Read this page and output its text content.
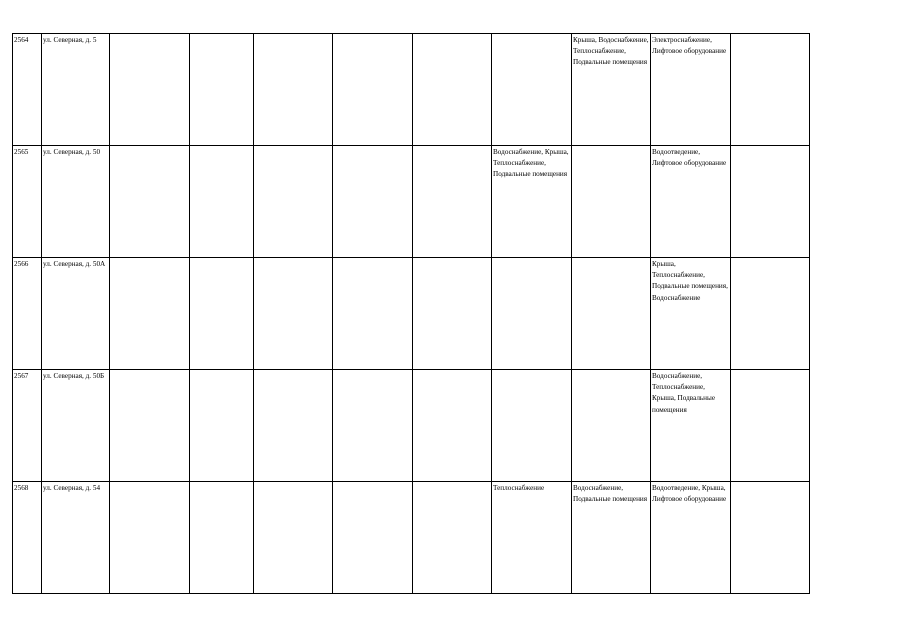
2564	ул. Северная, д. 5							Крыша, Водоснабжение, Теплоснабжение, Подвальные помещения	Электроснабжение, Лифтовое оборудование	

2565	ул. Северная, д. 50						Водоснабжение, Крыша, Теплоснабжение, Подвальные помещения		Водоотведение, Лифтовое оборудование	

2566	ул. Северная, д. 50А								Крыша, Теплоснабжение, Подвальные помещения, Водоснабжение	

2567	ул. Северная, д. 50Б								Водоснабжение, Теплоснабжение, Крыша, Подвальные помещения	

2568	ул. Северная, д. 54						Теплоснабжение	Водоснабжение, Подвальные помещения	Водоотведение, Крыша, Лифтовое оборудование	
